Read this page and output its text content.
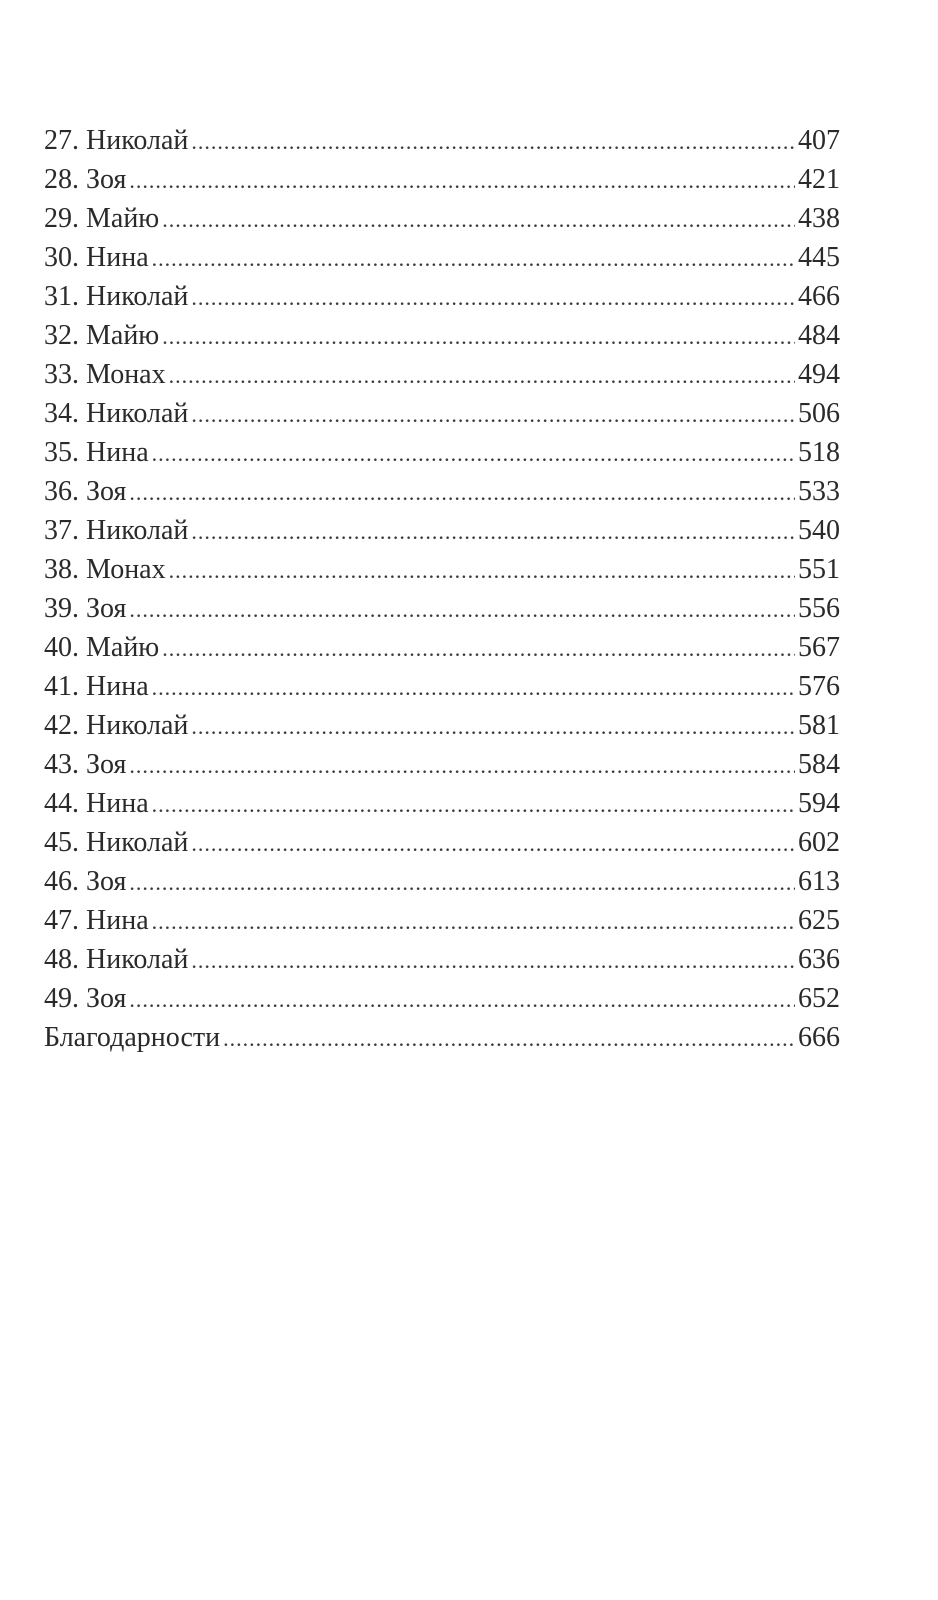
27. Николай .....	407
28. Зоя .....	421
29. Майю .....	438
30. Нина .....	445
31. Николай .....	466
32. Майю .....	484
33. Монах .....	494
34. Николай .....	506
35. Нина .....	518
36. Зоя .....	533
37. Николай .....	540
38. Монах .....	551
39. Зоя .....	556
40. Майю .....	567
41. Нина .....	576
42. Николай .....	581
43. Зоя .....	584
44. Нина .....	594
45. Николай .....	602
46. Зоя .....	613
47. Нина .....	625
48. Николай .....	636
49. Зоя .....	652
Благодарности .....	666
